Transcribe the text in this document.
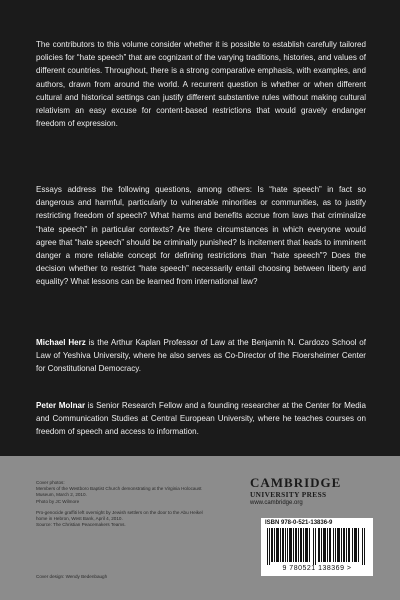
The contributors to this volume consider whether it is possible to establish carefully tailored policies for “hate speech” that are cognizant of the varying traditions, histories, and values of different countries. Throughout, there is a strong comparative emphasis, with examples, and authors, drawn from around the world. A recurrent question is whether or when different cultural and historical settings can justify different substantive rules without making cultural relativism an easy excuse for content-based restrictions that would gravely endanger freedom of expression.

Essays address the following questions, among others: Is “hate speech” in fact so dangerous and harmful, particularly to vulnerable minorities or communities, as to justify restricting freedom of speech? What harms and benefits accrue from laws that criminalize “hate speech” in particular contexts? Are there circumstances in which everyone would agree that “hate speech” should be criminally punished? Is incitement that leads to imminent danger a more reliable concept for defining restrictions than “hate speech”? Does the decision whether to restrict “hate speech” necessarily entail choosing between liberty and equality? What lessons can be learned from international law?

Michael Herz is the Arthur Kaplan Professor of Law at the Benjamin N. Cardozo School of Law of Yeshiva University, where he also serves as Co-Director of the Floersheimer Center for Constitutional Democracy.

Peter Molnar is Senior Research Fellow and a founding researcher at the Center for Media and Communication Studies at Central European University, where he teaches courses on freedom of speech and access to information.

Cover photos:
Members of the Westboro Baptist Church demonstrating at the Virginia Holocaust Museum, March 2, 2010.
Photo by JC Wilmore

Pro-genocide graffiti left overnight by Jewish settlers on the door to the Abu Heikel home in Hebron, West Bank, April 4, 2010.
Source: The Christian Peacemakers Teams.

Cover design: Wendy Bedenbaugh
CAMBRIDGE
UNIVERSITY PRESS
www.cambridge.org
ISBN 978-0-521-13836-9
9 780521 138369 >
